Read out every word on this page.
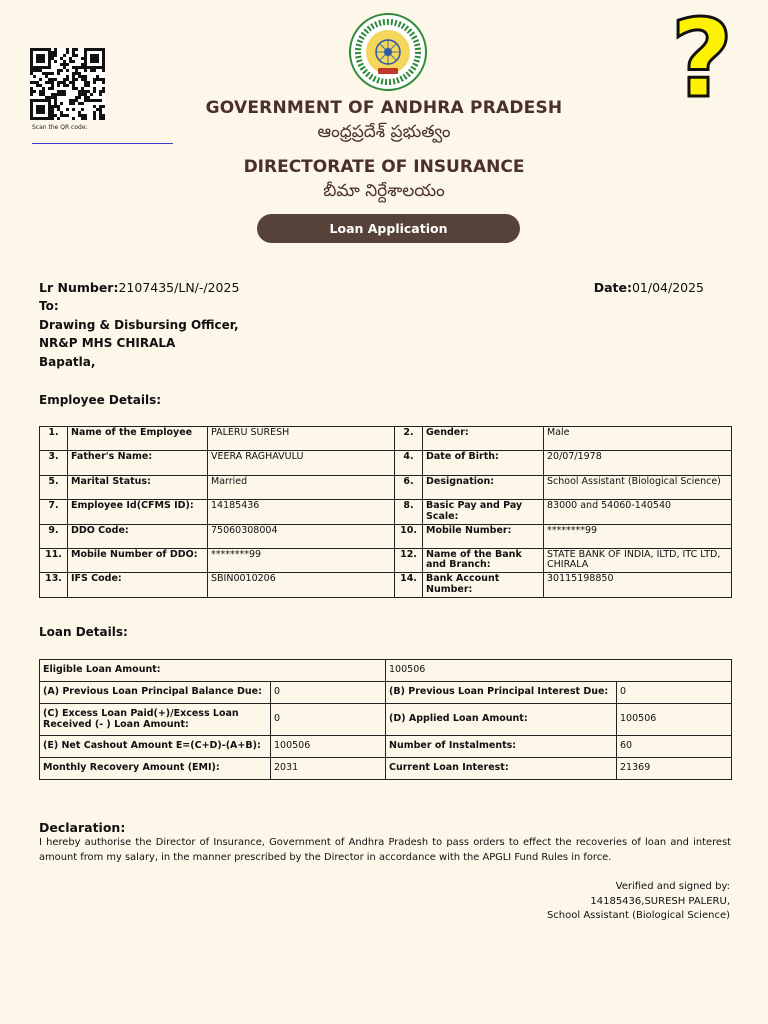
Scan the QR code:
?
GOVERNMENT OF ANDHRA PRADESH
ఆంధ్రప్రదేశ్ ప్రభుత్వం
DIRECTORATE OF INSURANCE
బీమా నిర్దేశాలయం
Loan Application
Lr Number:2107435/LN/-/2025	Date:01/04/2025
To:
Drawing & Disbursing Officer,
NR&P MHS CHIRALA
Bapatla,
Employee Details:
1.	Name of the Employee	PALERU SURESH	2.	Gender:	Male
3.	Father's Name:	VEERA RAGHAVULU	4.	Date of Birth:	20/07/1978
5.	Marital Status:	Married	6.	Designation:	School Assistant (Biological Science)
7.	Employee Id(CFMS ID):	14185436	8.	Basic Pay and Pay Scale:	83000 and 54060-140540
9.	DDO Code:	75060308004	10.	Mobile Number:	********99
11.	Mobile Number of DDO:	********99	12.	Name of the Bank and Branch:	STATE BANK OF INDIA, ILTD, ITC LTD, CHIRALA
13.	IFS Code:	SBIN0010206	14.	Bank Account Number:	30115198850
Loan Details:
Eligible Loan Amount:		100506	
(A) Previous Loan Principal Balance Due:	0	(B) Previous Loan Principal Interest Due:	0
(C) Excess Loan Paid(+)/Excess Loan Received (- ) Loan Amount:	0	(D) Applied Loan Amount:	100506
(E) Net Cashout Amount E=(C+D)-(A+B):	100506	Number of Instalments:	60
Monthly Recovery Amount (EMI):	2031	Current Loan Interest:	21369
Declaration:
I hereby authorise the Director of Insurance, Government of Andhra Pradesh to pass orders to effect the recoveries of loan and interest amount from my salary, in the manner prescribed by the Director in accordance with the APGLI Fund Rules in force.
Verified and signed by:
14185436,SURESH PALERU,
School Assistant (Biological Science)
